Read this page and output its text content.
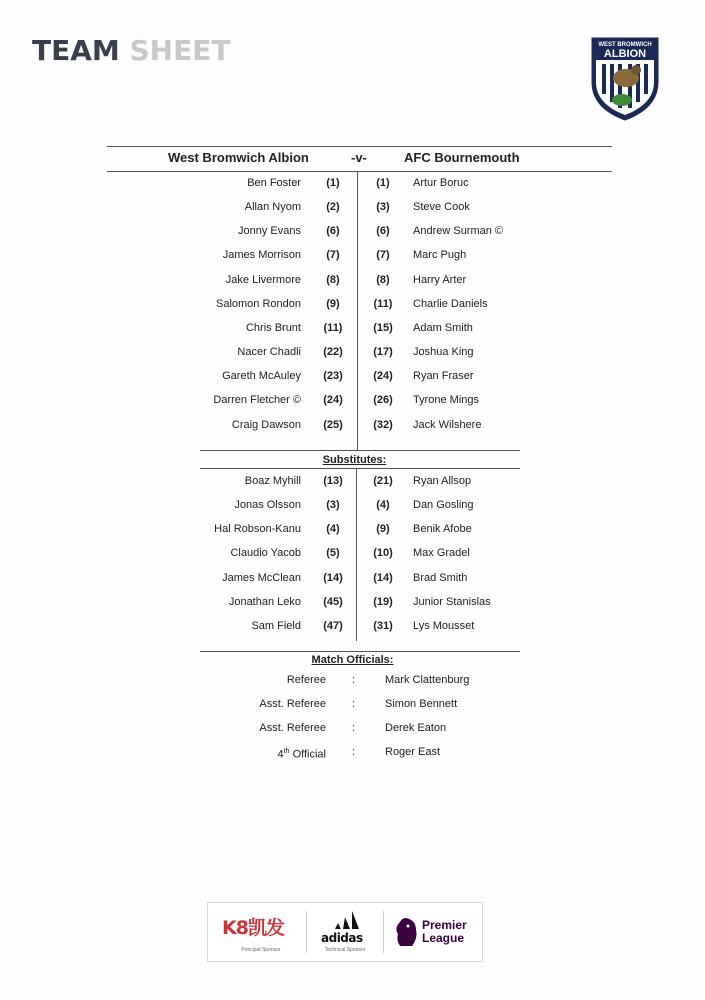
TEAM SHEET	WEST BROMWICH
ALBION
West Bromwich Albion	-v-	AFC Bournemouth
Ben Foster	(1)	(1)	Artur Boruc
Allan Nyom	(2)	(3)	Steve Cook
Jonny Evans	(6)	(6)	Andrew Surman ©
James Morrison	(7)	(7)	Marc Pugh
Jake Livermore	(8)	(8)	Harry Arter
Salomon Rondon	(9)	(11)	Charlie Daniels
Chris Brunt	(11)	(15) Adam Smith
Nacer Chadli (22)	(17) Joshua King
Gareth McAuley (23)	(24) Ryan Fraser
Darren Fletcher © (24)	(26) Tyrone Mings
Craig Dawson (25)	(32) Jack Wilshere
Substitutes:
Boaz Myhill (13)	(21) Ryan Allsop
Jonas Olsson	(3)	(4)	Dan Gosling
Hal Robson-Kanu	(4)	(9)	Benik Afobe
Claudio Yacob	(5)	(10) Max Gradel
James McClean (14)	(14) Brad Smith
Jonathan Leko (45)	(19) Junior Stanislas
Sam Field (47)	(31) Lys Mousset
Match Officials:
Referee :	Mark Clattenburg
Asst. Referee :	Simon Bennett
Asst. Referee :	Derek Eaton
4th Official :	Roger East
K8凯发
Principal Sponsor
adidas
Technical Sponsor
Premier
League
